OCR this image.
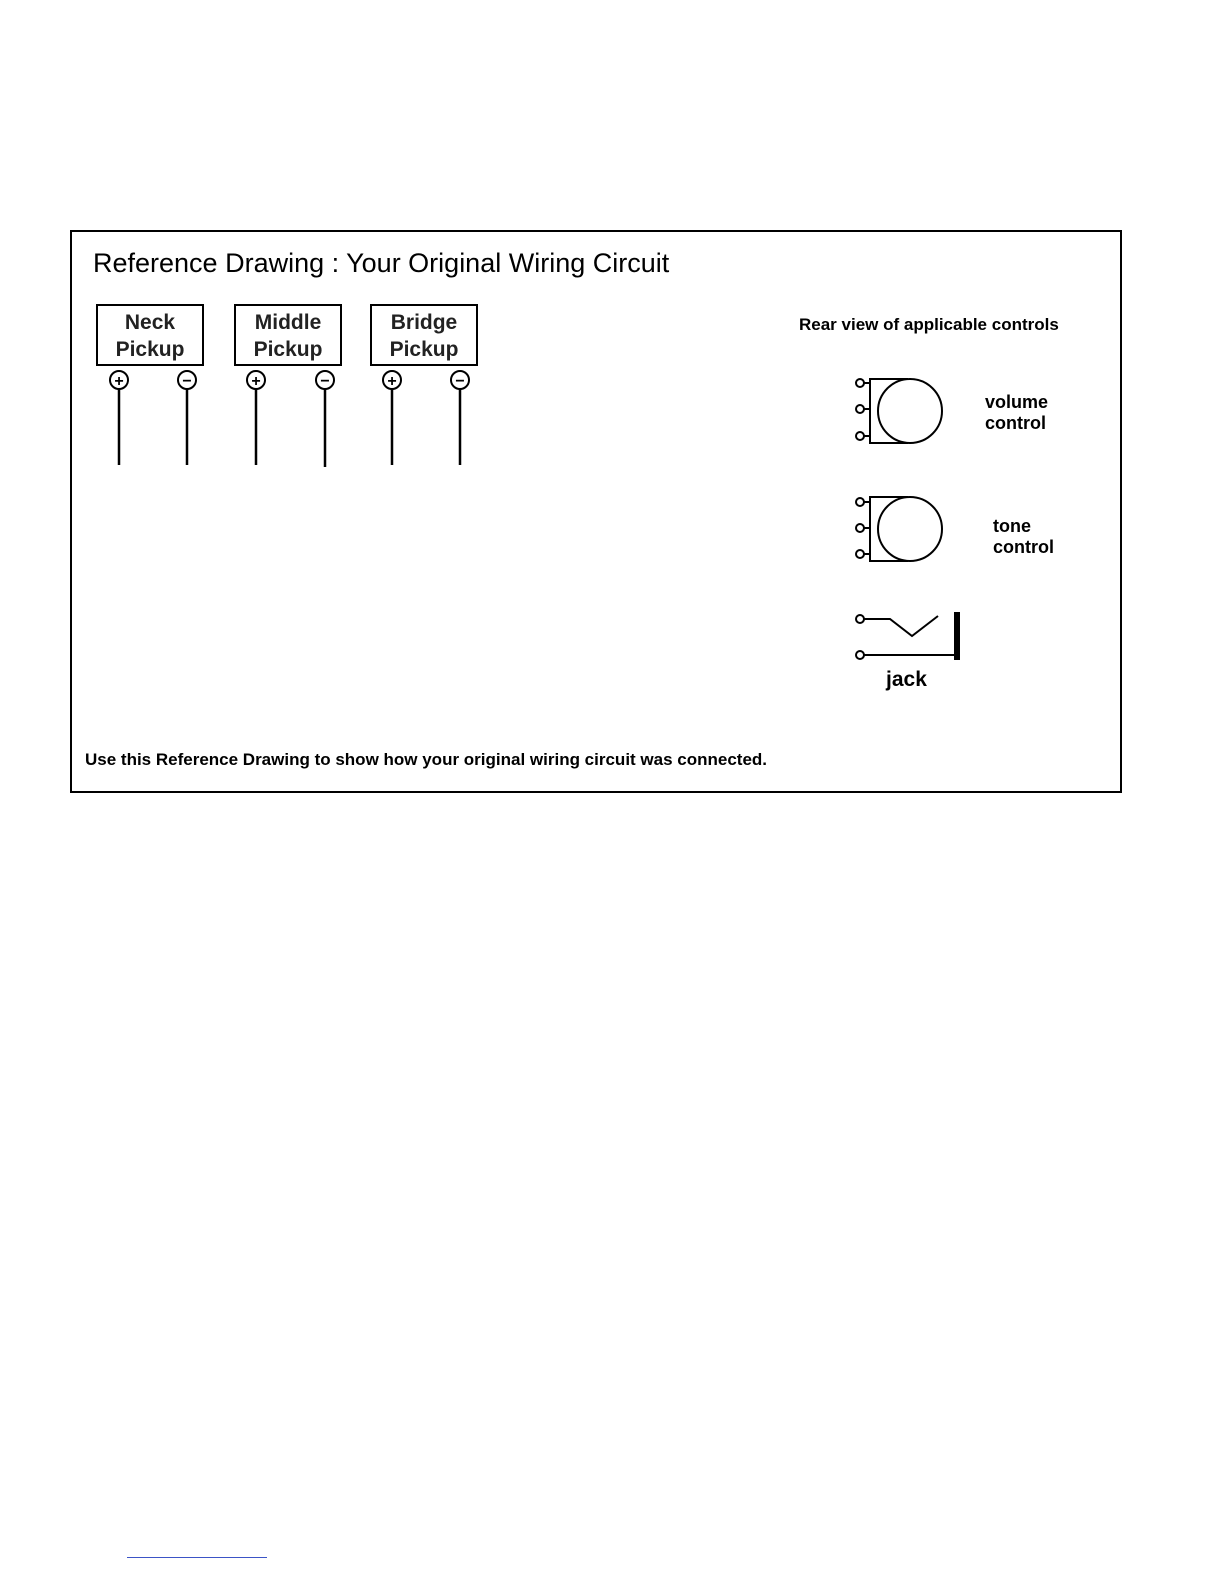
Reference Drawing : Your Original Wiring Circuit
Neck
Pickup
Middle
Pickup
Bridge
Pickup
+	−	+	−	+	−
Rear view of applicable controls
volume
control
tone
control
jack
Use this Reference Drawing to show how your original wiring circuit was connected.
